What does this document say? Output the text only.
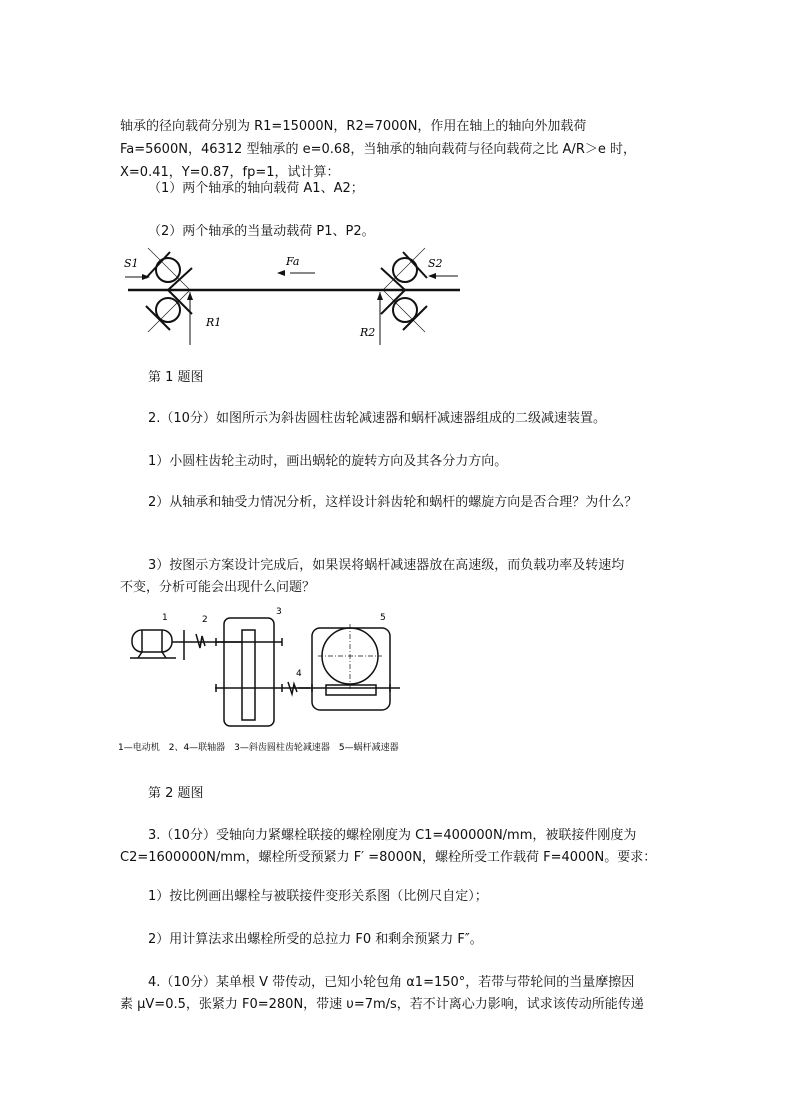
轴承的径向载荷分别为 R1=15000N，R2=7000N，作用在轴上的轴向外加载荷
Fa=5600N，46312 型轴承的 e=0.68，当轴承的轴向载荷与径向载荷之比 A/R＞e 时，
X=0.41，Y=0.87，fp=1，试计算：
（1）两个轴承的轴向载荷 A1、A2；
（2）两个轴承的当量动载荷 P1、P2。
S1	S2
Fa
R1
R2
第 1 题图
2.（10分）如图所示为斜齿圆柱齿轮减速器和蜗杆减速器组成的二级减速装置。
1）小圆柱齿轮主动时，画出蜗轮的旋转方向及其各分力方向。
2）从轴承和轴受力情况分析，这样设计斜齿轮和蜗杆的螺旋方向是否合理？为什么？
3）按图示方案设计完成后，如果误将蜗杆减速器放在高速级，而负载功率及转速均
不变，分析可能会出现什么问题？
1	2
3
4
5
1—电动机　2、4—联轴器　3—斜齿圆柱齿轮减速器　5—蜗杆减速器
第 2 题图
3.（10分）受轴向力紧螺栓联接的螺栓刚度为 C1=400000N/mm，被联接件刚度为
C2=1600000N/mm，螺栓所受预紧力 F′ =8000N，螺栓所受工作载荷 F=4000N。要求：
1）按比例画出螺栓与被联接件变形关系图（比例尺自定）；
2）用计算法求出螺栓所受的总拉力 F0 和剩余预紧力 F″。
4.（10分）某单根 V 带传动，已知小轮包角 α1=150°，若带与带轮间的当量摩擦因
素 μV=0.5，张紧力 F0=280N，带速 υ=7m/s，若不计离心力影响，试求该传动所能传递
